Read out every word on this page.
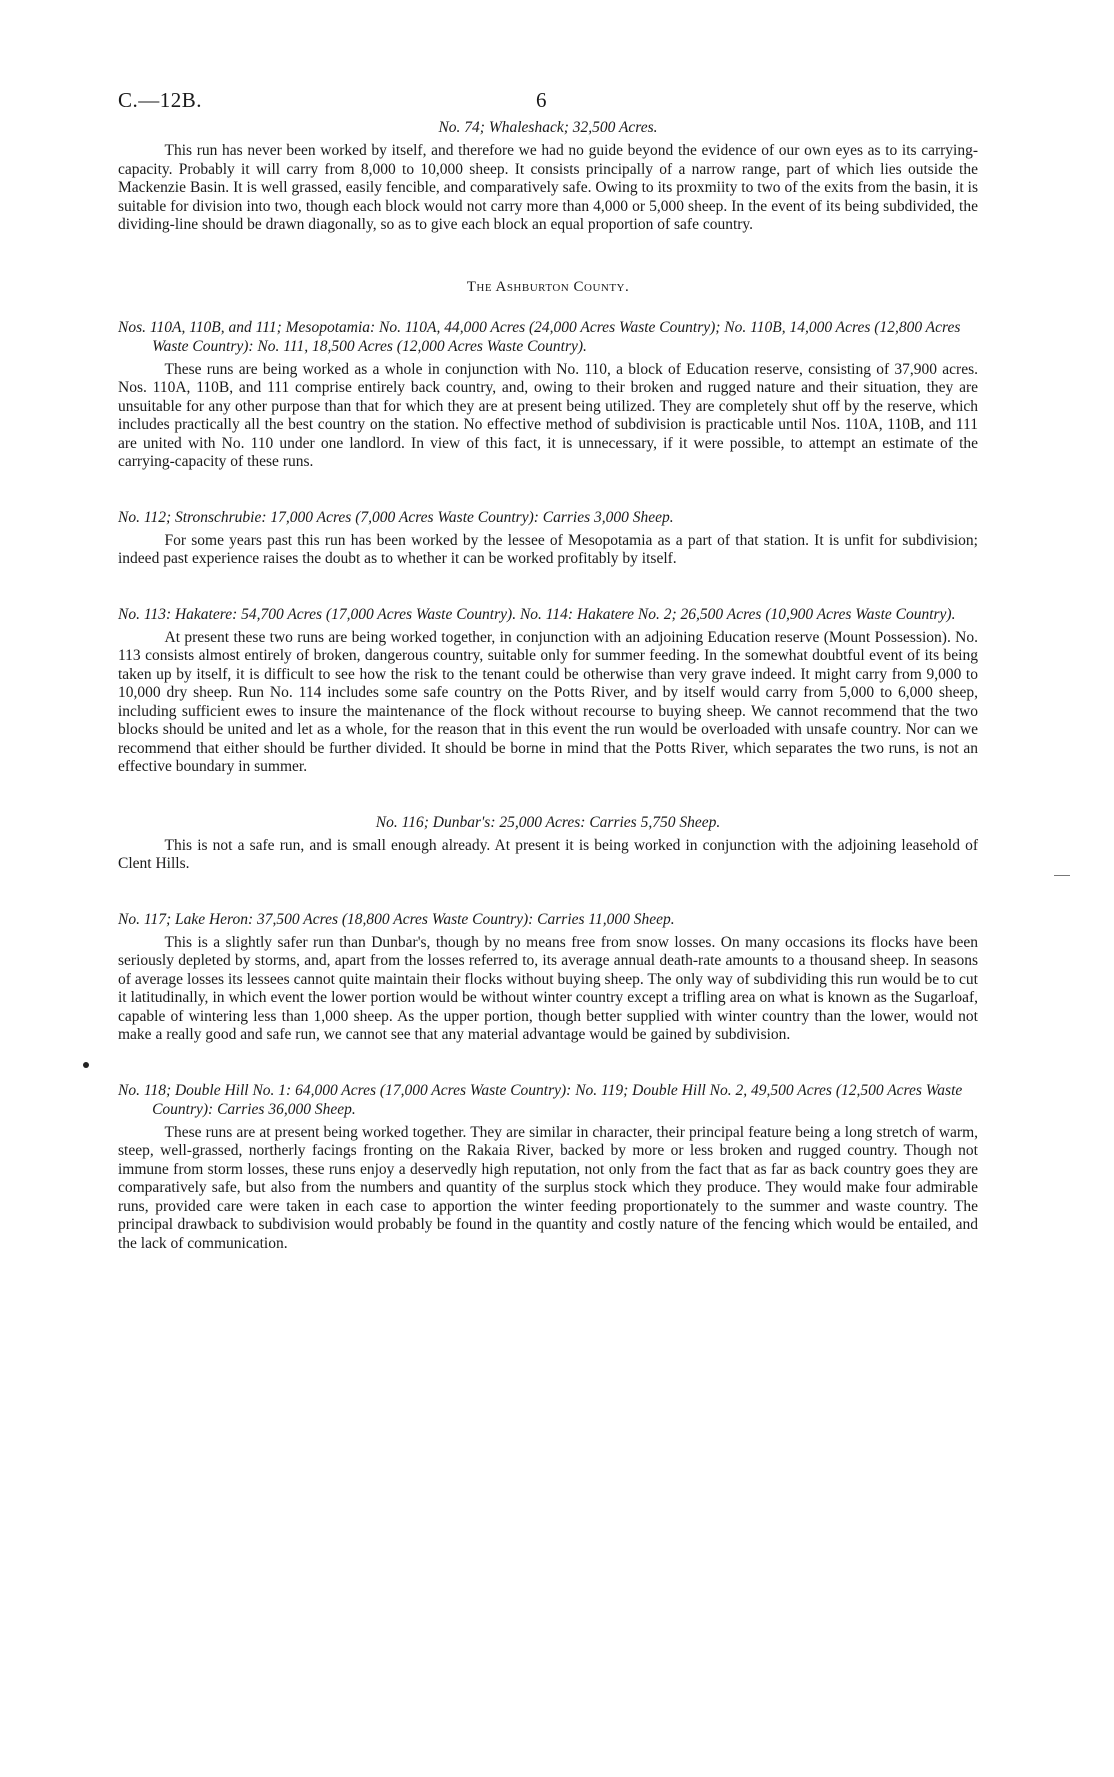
C.—12B.	6

No. 74; Whaleshack; 32,500 Acres.

This run has never been worked by itself, and therefore we had no guide beyond the evidence of our own eyes as to its carrying-capacity. Probably it will carry from 8,000 to 10,000 sheep. It consists principally of a narrow range, part of which lies outside the Mackenzie Basin. It is well grassed, easily fencible, and comparatively safe. Owing to its proxmiity to two of the exits from the basin, it is suitable for division into two, though each block would not carry more than 4,000 or 5,000 sheep. In the event of its being subdivided, the dividing-line should be drawn diagonally, so as to give each block an equal proportion of safe country.

The Ashburton County.

Nos. 110A, 110B, and 111; Mesopotamia: No. 110A, 44,000 Acres (24,000 Acres Waste Country); No. 110B, 14,000 Acres (12,800 Acres Waste Country): No. 111, 18,500 Acres (12,000 Acres Waste Country).

These runs are being worked as a whole in conjunction with No. 110, a block of Education reserve, consisting of 37,900 acres. Nos. 110A, 110B, and 111 comprise entirely back country, and, owing to their broken and rugged nature and their situation, they are unsuitable for any other purpose than that for which they are at present being utilized. They are completely shut off by the reserve, which includes practically all the best country on the station. No effective method of subdivision is practicable until Nos. 110A, 110B, and 111 are united with No. 110 under one landlord. In view of this fact, it is unnecessary, if it were possible, to attempt an estimate of the carrying-capacity of these runs.

No. 112; Stronschrubie: 17,000 Acres (7,000 Acres Waste Country): Carries 3,000 Sheep.

For some years past this run has been worked by the lessee of Mesopotamia as a part of that station. It is unfit for subdivision; indeed past experience raises the doubt as to whether it can be worked profitably by itself.

No. 113: Hakatere: 54,700 Acres (17,000 Acres Waste Country). No. 114: Hakatere No. 2; 26,500 Acres (10,900 Acres Waste Country).

At present these two runs are being worked together, in conjunction with an adjoining Education reserve (Mount Possession). No. 113 consists almost entirely of broken, dangerous country, suitable only for summer feeding. In the somewhat doubtful event of its being taken up by itself, it is difficult to see how the risk to the tenant could be otherwise than very grave indeed. It might carry from 9,000 to 10,000 dry sheep. Run No. 114 includes some safe country on the Potts River, and by itself would carry from 5,000 to 6,000 sheep, including sufficient ewes to insure the maintenance of the flock without recourse to buying sheep. We cannot recommend that the two blocks should be united and let as a whole, for the reason that in this event the run would be overloaded with unsafe country. Nor can we recommend that either should be further divided. It should be borne in mind that the Potts River, which separates the two runs, is not an effective boundary in summer.

No. 116; Dunbar's: 25,000 Acres: Carries 5,750 Sheep.

This is not a safe run, and is small enough already. At present it is being worked in conjunction with the adjoining leasehold of Clent Hills.

No. 117; Lake Heron: 37,500 Acres (18,800 Acres Waste Country): Carries 11,000 Sheep.

This is a slightly safer run than Dunbar's, though by no means free from snow losses. On many occasions its flocks have been seriously depleted by storms, and, apart from the losses referred to, its average annual death-rate amounts to a thousand sheep. In seasons of average losses its lessees cannot quite maintain their flocks without buying sheep. The only way of subdividing this run would be to cut it latitudinally, in which event the lower portion would be without winter country except a trifling area on what is known as the Sugarloaf, capable of wintering less than 1,000 sheep. As the upper portion, though better supplied with winter country than the lower, would not make a really good and safe run, we cannot see that any material advantage would be gained by subdivision.

No. 118; Double Hill No. 1: 64,000 Acres (17,000 Acres Waste Country): No. 119; Double Hill No. 2, 49,500 Acres (12,500 Acres Waste Country): Carries 36,000 Sheep.

These runs are at present being worked together. They are similar in character, their principal feature being a long stretch of warm, steep, well-grassed, northerly facings fronting on the Rakaia River, backed by more or less broken and rugged country. Though not immune from storm losses, these runs enjoy a deservedly high reputation, not only from the fact that as far as back country goes they are comparatively safe, but also from the numbers and quantity of the surplus stock which they produce. They would make four admirable runs, provided care were taken in each case to apportion the winter feeding proportionately to the summer and waste country. The principal drawback to subdivision would probably be found in the quantity and costly nature of the fencing which would be entailed, and the lack of communication.
